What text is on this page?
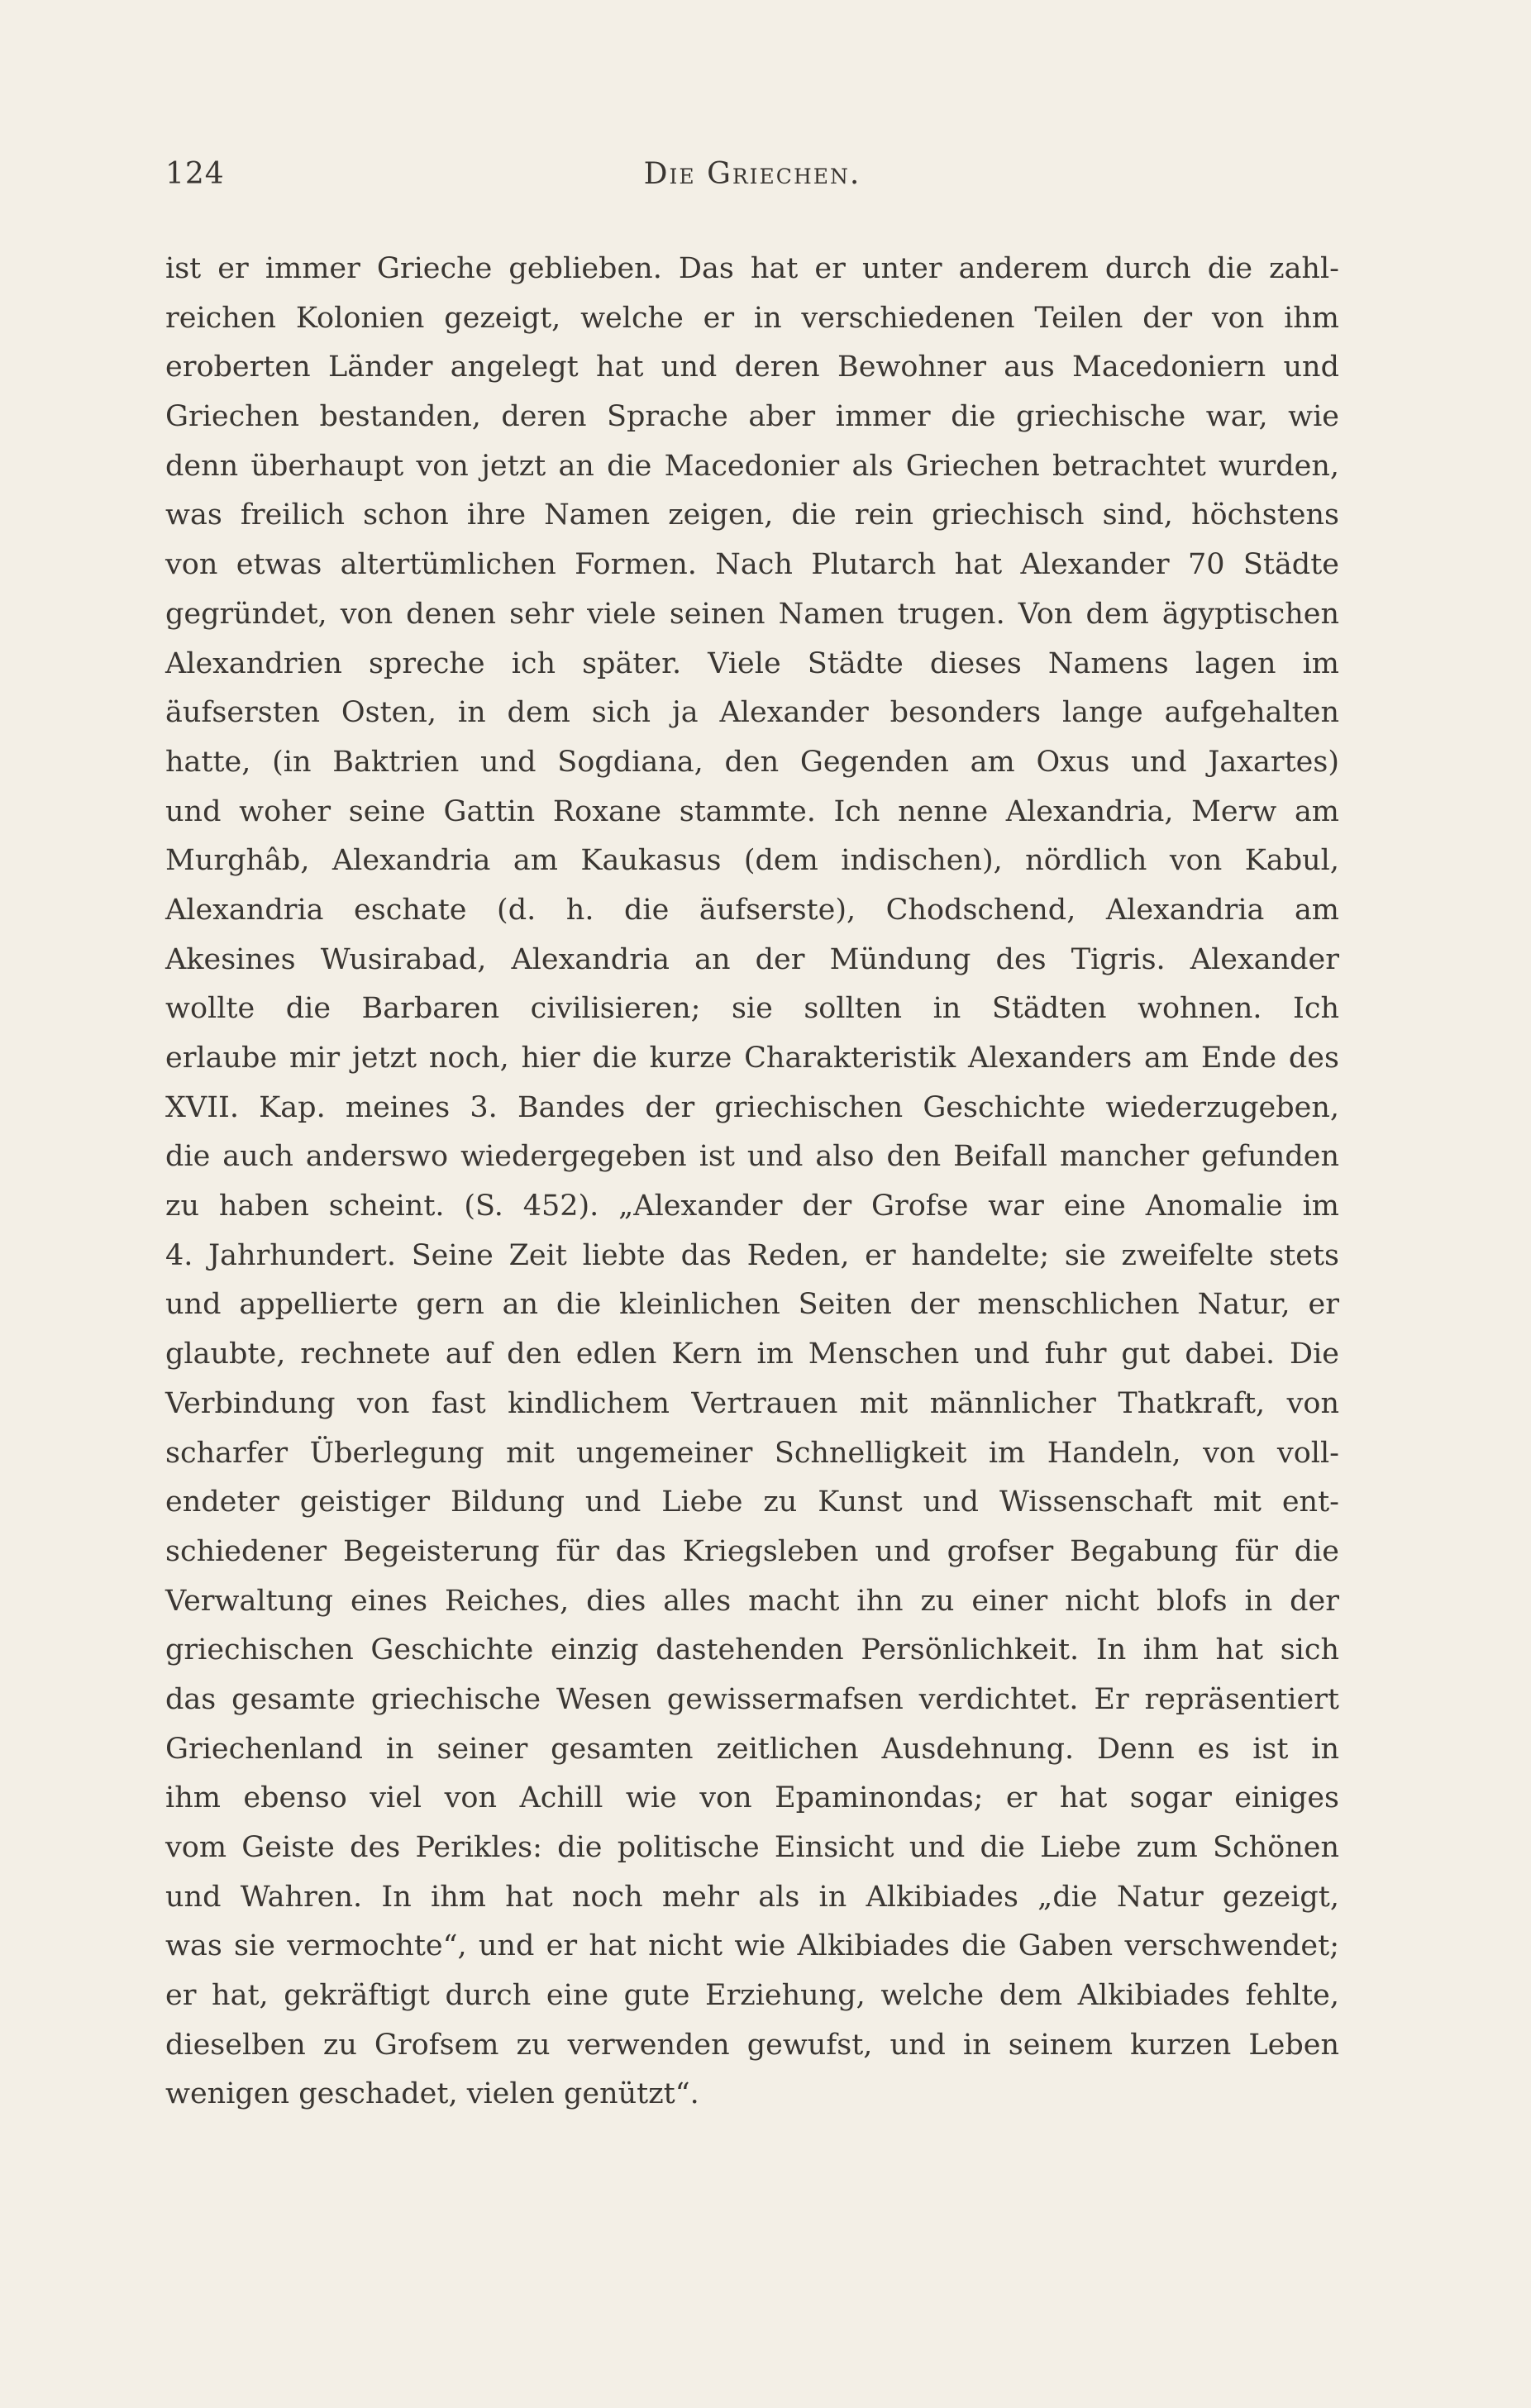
124	Die Griechen.
ist er immer Grieche geblieben. Das hat er unter anderem durch die zahl-
reichen Kolonien gezeigt, welche er in verschiedenen Teilen der von ihm
eroberten Länder angelegt hat und deren Bewohner aus Macedoniern und
Griechen bestanden, deren Sprache aber immer die griechische war, wie
denn überhaupt von jetzt an die Macedonier als Griechen betrachtet wurden,
was freilich schon ihre Namen zeigen, die rein griechisch sind, höchstens
von etwas altertümlichen Formen. Nach Plutarch hat Alexander 70 Städte
gegründet, von denen sehr viele seinen Namen trugen. Von dem ägyptischen
Alexandrien spreche ich später. Viele Städte dieses Namens lagen im
äufsersten Osten, in dem sich ja Alexander besonders lange aufgehalten
hatte, (in Baktrien und Sogdiana, den Gegenden am Oxus und Jaxartes)
und woher seine Gattin Roxane stammte. Ich nenne Alexandria, Merw am
Murghâb, Alexandria am Kaukasus (dem indischen), nördlich von Kabul,
Alexandria eschate (d. h. die äufserste), Chodschend, Alexandria am
Akesines Wusirabad, Alexandria an der Mündung des Tigris. Alexander
wollte die Barbaren civilisieren; sie sollten in Städten wohnen. Ich
erlaube mir jetzt noch, hier die kurze Charakteristik Alexanders am Ende des
XVII. Kap. meines 3. Bandes der griechischen Geschichte wiederzugeben,
die auch anderswo wiedergegeben ist und also den Beifall mancher gefunden
zu haben scheint. (S. 452). „Alexander der Grofse war eine Anomalie im
4. Jahrhundert. Seine Zeit liebte das Reden, er handelte; sie zweifelte stets
und appellierte gern an die kleinlichen Seiten der menschlichen Natur, er
glaubte, rechnete auf den edlen Kern im Menschen und fuhr gut dabei. Die
Verbindung von fast kindlichem Vertrauen mit männlicher Thatkraft, von
scharfer Überlegung mit ungemeiner Schnelligkeit im Handeln, von voll-
endeter geistiger Bildung und Liebe zu Kunst und Wissenschaft mit ent-
schiedener Begeisterung für das Kriegsleben und grofser Begabung für die
Verwaltung eines Reiches, dies alles macht ihn zu einer nicht blofs in der
griechischen Geschichte einzig dastehenden Persönlichkeit. In ihm hat sich
das gesamte griechische Wesen gewissermafsen verdichtet. Er repräsentiert
Griechenland in seiner gesamten zeitlichen Ausdehnung. Denn es ist in
ihm ebenso viel von Achill wie von Epaminondas; er hat sogar einiges
vom Geiste des Perikles: die politische Einsicht und die Liebe zum Schönen
und Wahren. In ihm hat noch mehr als in Alkibiades „die Natur gezeigt,
was sie vermochte“, und er hat nicht wie Alkibiades die Gaben verschwendet;
er hat, gekräftigt durch eine gute Erziehung, welche dem Alkibiades fehlte,
dieselben zu Grofsem zu verwenden gewufst, und in seinem kurzen Leben
wenigen geschadet, vielen genützt“.
